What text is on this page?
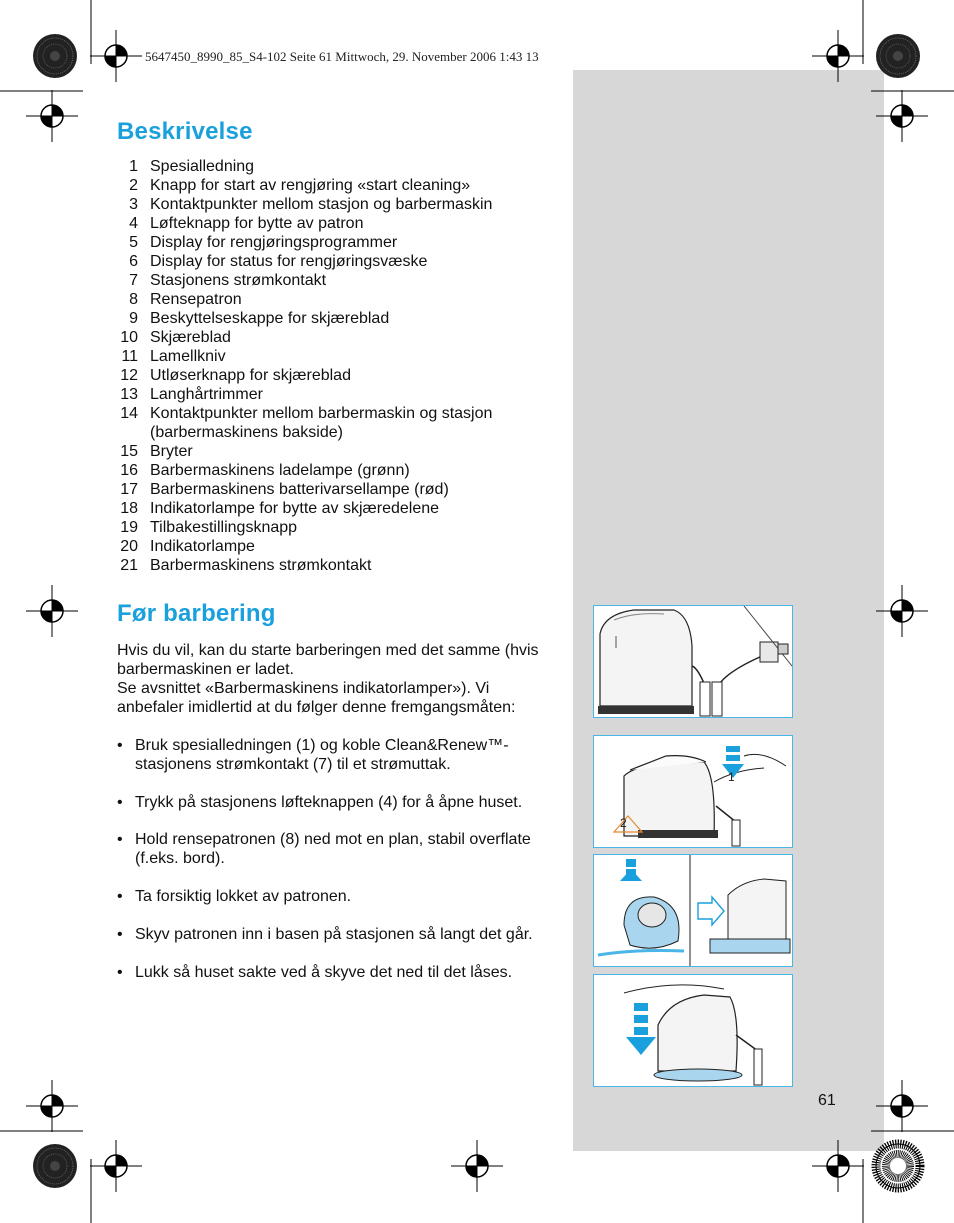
5647450_8990_85_S4-102 Seite 61 Mittwoch, 29. November 2006 1:43 13
Beskrivelse
1 Spesialledning
2 Knapp for start av rengjøring «start cleaning»
3 Kontaktpunkter mellom stasjon og barbermaskin
4 Løfteknapp for bytte av patron
5 Display for rengjøringsprogrammer
6 Display for status for rengjøringsvæske
7 Stasjonens strømkontakt
8 Rensepatron
9 Beskyttelseskappe for skjæreblad
10 Skjæreblad
11 Lamellkniv
12 Utløserknapp for skjæreblad
13 Langhårtrimmer
14 Kontaktpunkter mellom barbermaskin og stasjon (barbermaskinens bakside)
15 Bryter
16 Barbermaskinens ladelampe (grønn)
17 Barbermaskinens batterivarsellampe (rød)
18 Indikatorlampe for bytte av skjæredelene
19 Tilbakestillingsknapp
20 Indikatorlampe
21 Barbermaskinens strømkontakt
Før barbering

Hvis du vil, kan du starte barberingen med det samme (hvis barbermaskinen er ladet.

Se avsnittet «Barbermaskinens indikatorlamper»). Vi anbefaler imidlertid at du følger denne fremgangsmåten:

• Bruk spesialledningen (1) og koble Clean&Renew™-stasjonens strømkontakt (7) til et strømuttak.
• Trykk på stasjonens løfteknappen (4) for å åpne huset.
• Hold rensepatronen (8) ned mot en plan, stabil overflate (f.eks. bord).
• Ta forsiktig lokket av patronen.
• Skyv patronen inn i basen på stasjonen så langt det går.
• Lukk så huset sakte ved å skyve det ned til det låses.
1
2
61
